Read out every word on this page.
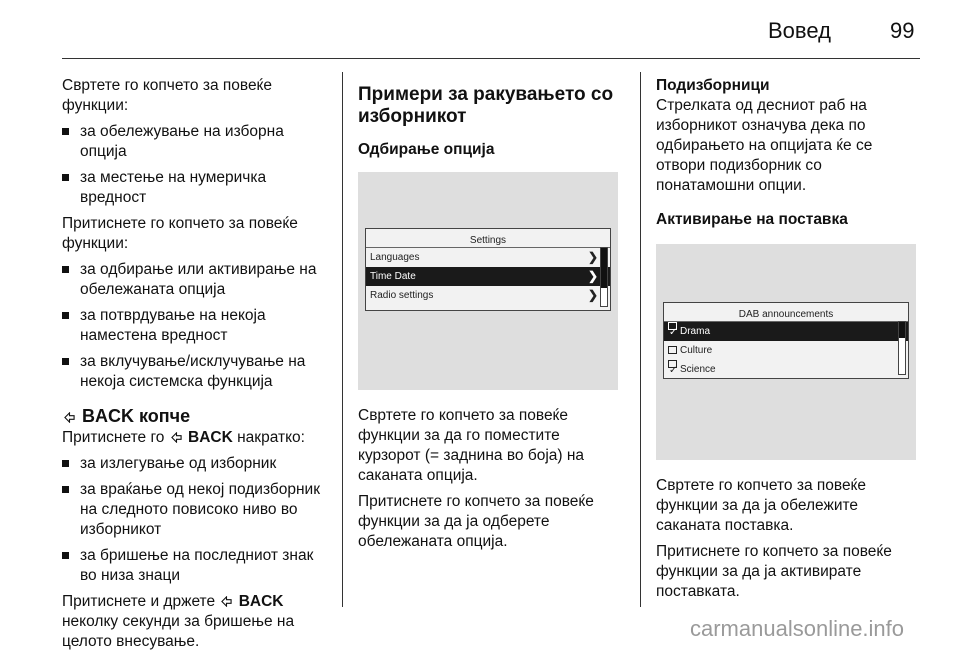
Вовед	99

Свртете го копчето за повеќе функции:

за обележување на изборна опција
за местење на нумеричка вредност

Притиснете го копчето за повеќе функции:

за одбирање или активирање на обележаната опција
за потврдување на некоја наместена вредност
за вклучување/исклучување на некоја системска функција
BACK копче

Притиснете го BACK накратко:

за излегување од изборник
за враќање од некој подизборник на следното повисоко ниво во изборникот
за бришење на последниот знак во низа знаци

Притиснете и држете BACK неколку секунди за бришење на целото внесување.

Примери за ракувањето со изборникот
Одбирање опција
Settings
Languages	❯
Time Date	❯
Radio settings	❯

Свртете го копчето за повеќе функции за да го поместите курзорот (= заднина во боја) на саканата опција.

Притиснете го копчето за повеќе функции за да ја одберете обележаната опција.

Подизборници

Стрелката од десниот раб на изборникот означува дека по одбирањето на опцијата ќе се отвори подизборник со понатамошни опции.

Активирање на поставка
DAB announcements
✓ Drama
Culture
✓ Science

Свртете го копчето за повеќе функции за да ја обележите саканата поставка.

Притиснете го копчето за повеќе функции за да ја активирате поставката.

carmanualsonline.info
